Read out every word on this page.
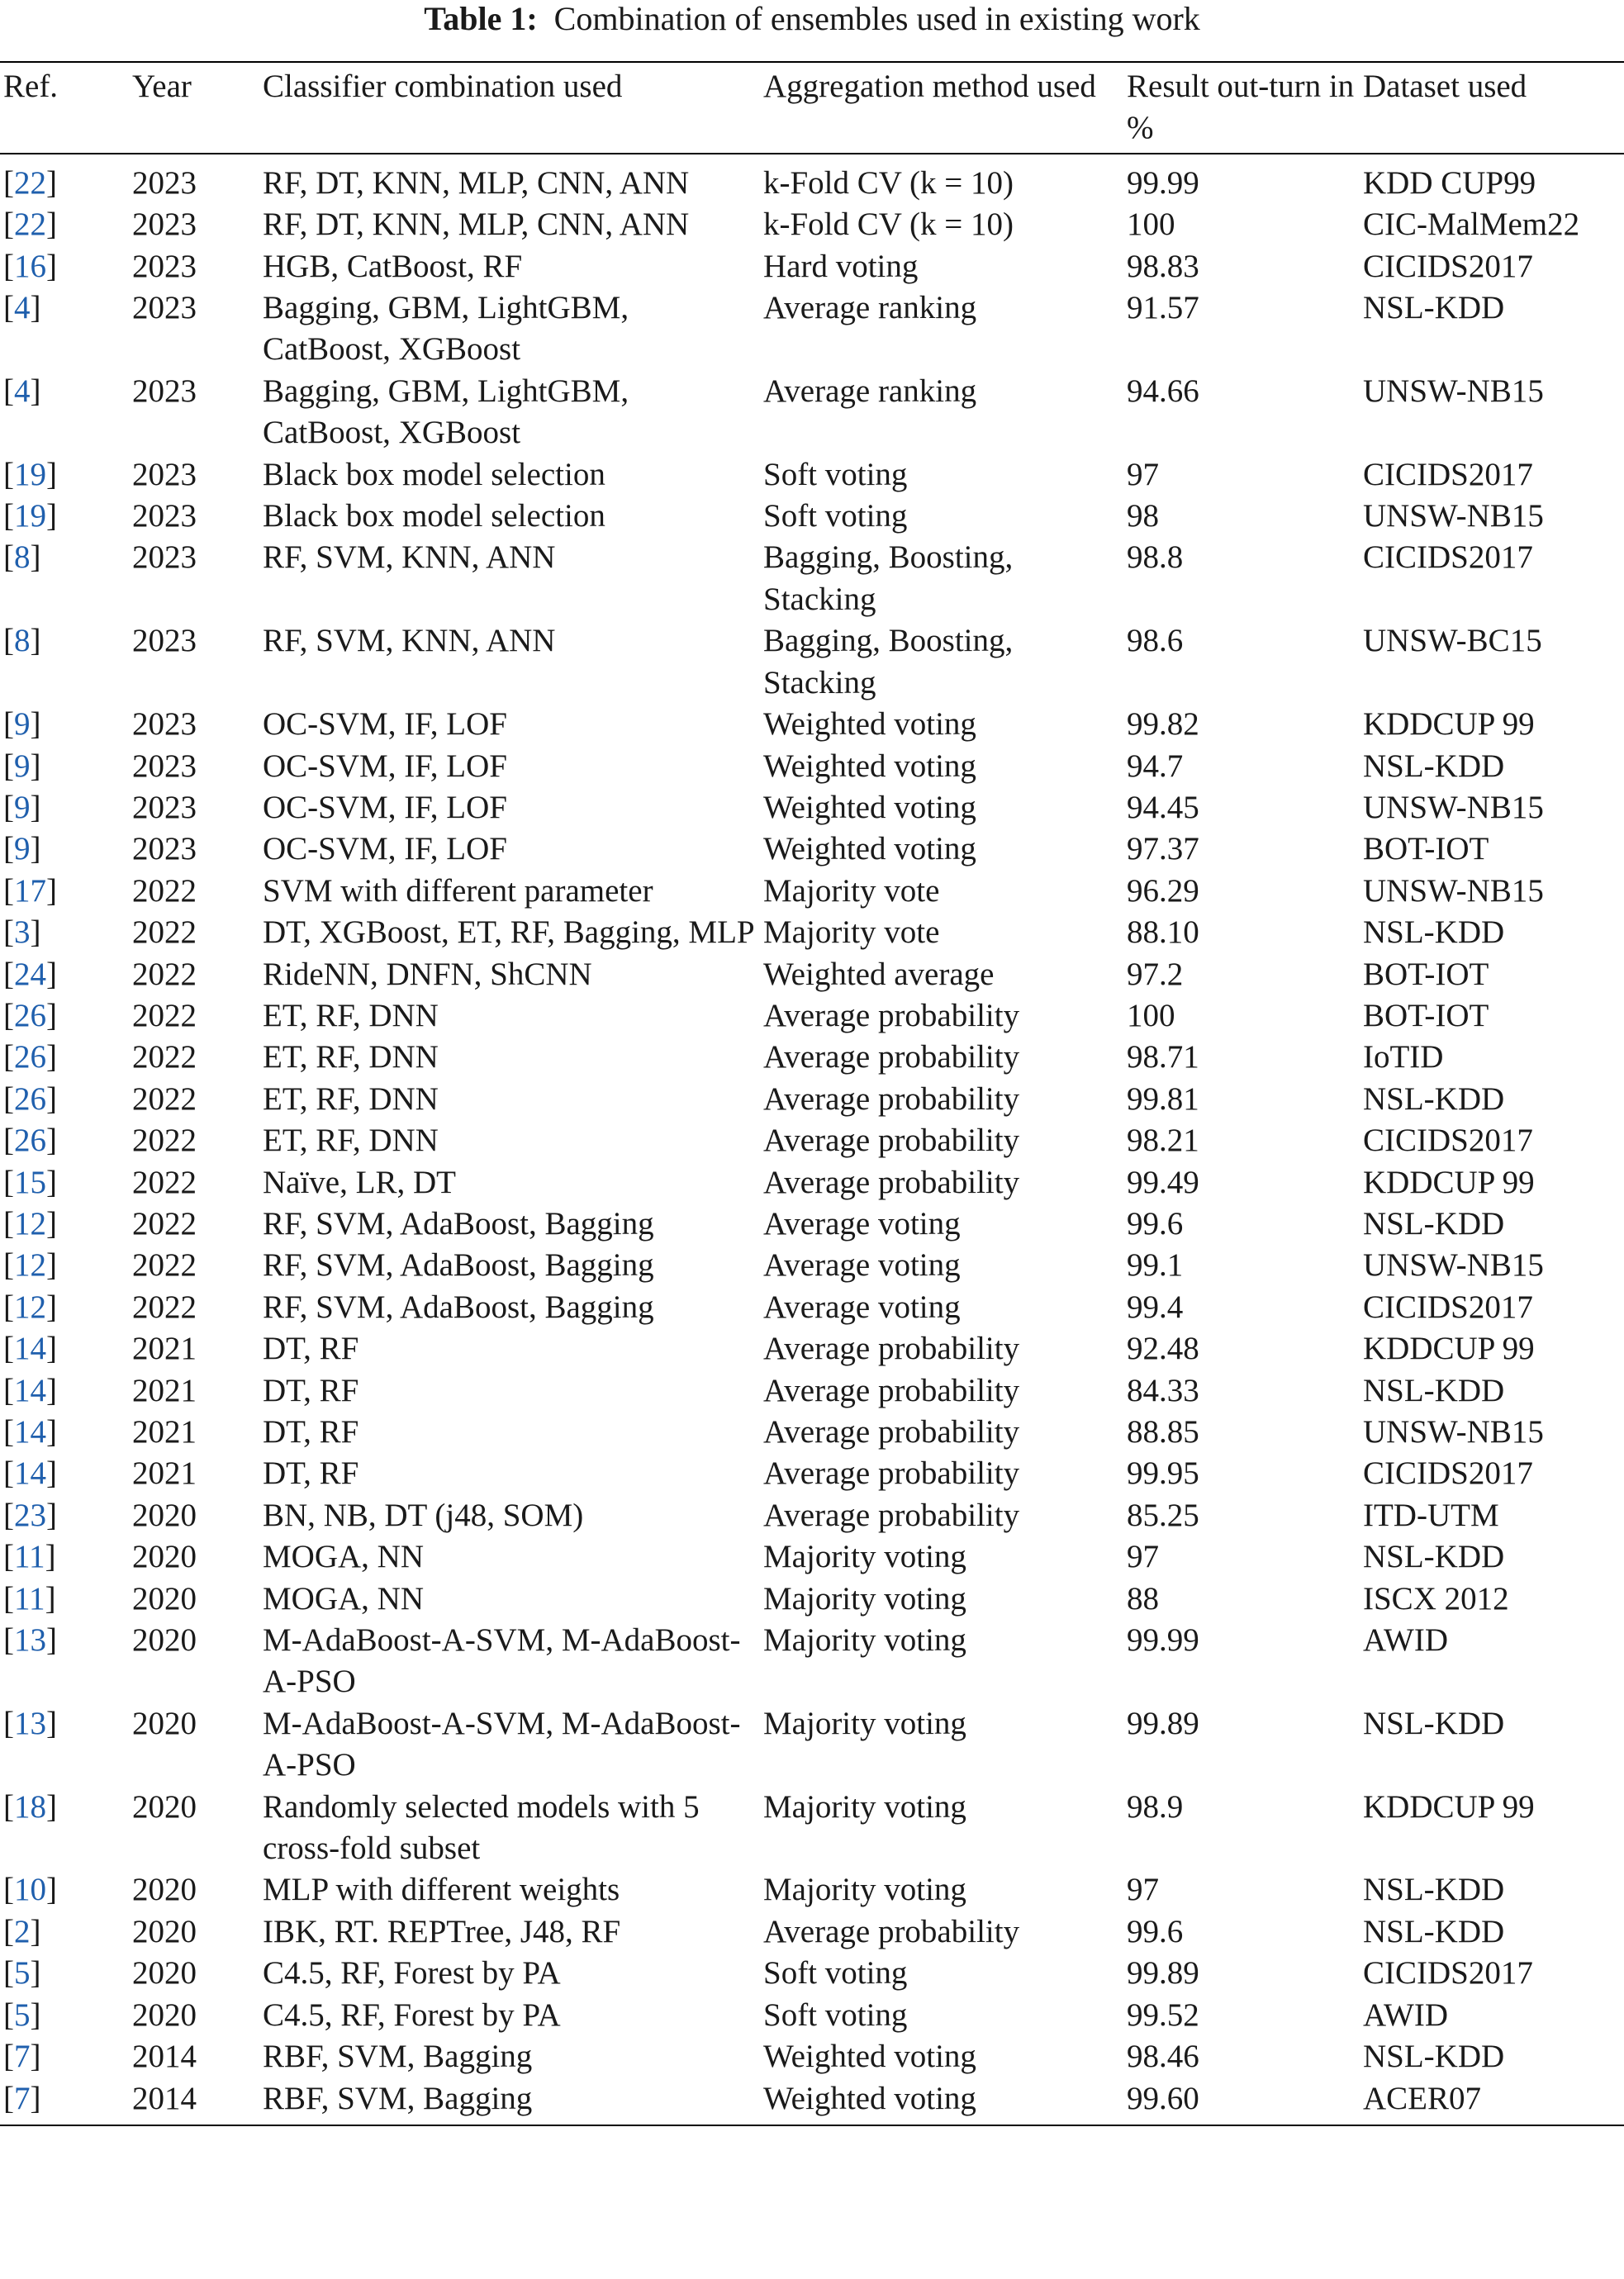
Table 1: Combination of ensembles used in existing work
Ref.	Year	Classifier combination used	Aggregation method used	Result out-turn in %	Dataset used
[22]	2023	RF, DT, KNN, MLP, CNN, ANN	k-Fold CV (k = 10)	99.99	KDD CUP99
[22]	2023	RF, DT, KNN, MLP, CNN, ANN	k-Fold CV (k = 10)	100	CIC-MalMem22
[16]	2023	HGB, CatBoost, RF	Hard voting	98.83	CICIDS2017
[4]	2023	Bagging, GBM, LightGBM, CatBoost, XGBoost	Average ranking	91.57	NSL-KDD
[4]	2023	Bagging, GBM, LightGBM, CatBoost, XGBoost	Average ranking	94.66	UNSW-NB15
[19]	2023	Black box model selection	Soft voting	97	CICIDS2017
[19]	2023	Black box model selection	Soft voting	98	UNSW-NB15
[8]	2023	RF, SVM, KNN, ANN	Bagging, Boosting, Stacking	98.8	CICIDS2017
[8]	2023	RF, SVM, KNN, ANN	Bagging, Boosting, Stacking	98.6	UNSW-BC15
[9]	2023	OC-SVM, IF, LOF	Weighted voting	99.82	KDDCUP 99
[9]	2023	OC-SVM, IF, LOF	Weighted voting	94.7	NSL-KDD
[9]	2023	OC-SVM, IF, LOF	Weighted voting	94.45	UNSW-NB15
[9]	2023	OC-SVM, IF, LOF	Weighted voting	97.37	BOT-IOT
[17]	2022	SVM with different parameter	Majority vote	96.29	UNSW-NB15
[3]	2022	DT, XGBoost, ET, RF, Bagging, MLP	Majority vote	88.10	NSL-KDD
[24]	2022	RideNN, DNFN, ShCNN	Weighted average	97.2	BOT-IOT
[26]	2022	ET, RF, DNN	Average probability	100	BOT-IOT
[26]	2022	ET, RF, DNN	Average probability	98.71	IoTID
[26]	2022	ET, RF, DNN	Average probability	99.81	NSL-KDD
[26]	2022	ET, RF, DNN	Average probability	98.21	CICIDS2017
[15]	2022	Naïve, LR, DT	Average probability	99.49	KDDCUP 99
[12]	2022	RF, SVM, AdaBoost, Bagging	Average voting	99.6	NSL-KDD
[12]	2022	RF, SVM, AdaBoost, Bagging	Average voting	99.1	UNSW-NB15
[12]	2022	RF, SVM, AdaBoost, Bagging	Average voting	99.4	CICIDS2017
[14]	2021	DT, RF	Average probability	92.48	KDDCUP 99
[14]	2021	DT, RF	Average probability	84.33	NSL-KDD
[14]	2021	DT, RF	Average probability	88.85	UNSW-NB15
[14]	2021	DT, RF	Average probability	99.95	CICIDS2017
[23]	2020	BN, NB, DT (j48, SOM)	Average probability	85.25	ITD-UTM
[11]	2020	MOGA, NN	Majority voting	97	NSL-KDD
[11]	2020	MOGA, NN	Majority voting	88	ISCX 2012
[13]	2020	M-AdaBoost-A-SVM, M-AdaBoost-A-PSO	Majority voting	99.99	AWID
[13]	2020	M-AdaBoost-A-SVM, M-AdaBoost-A-PSO	Majority voting	99.89	NSL-KDD
[18]	2020	Randomly selected models with 5 cross-fold subset	Majority voting	98.9	KDDCUP 99
[10]	2020	MLP with different weights	Majority voting	97	NSL-KDD
[2]	2020	IBK, RT. REPTree, J48, RF	Average probability	99.6	NSL-KDD
[5]	2020	C4.5, RF, Forest by PA	Soft voting	99.89	CICIDS2017
[5]	2020	C4.5, RF, Forest by PA	Soft voting	99.52	AWID
[7]	2014	RBF, SVM, Bagging	Weighted voting	98.46	NSL-KDD
[7]	2014	RBF, SVM, Bagging	Weighted voting	99.60	ACER07
